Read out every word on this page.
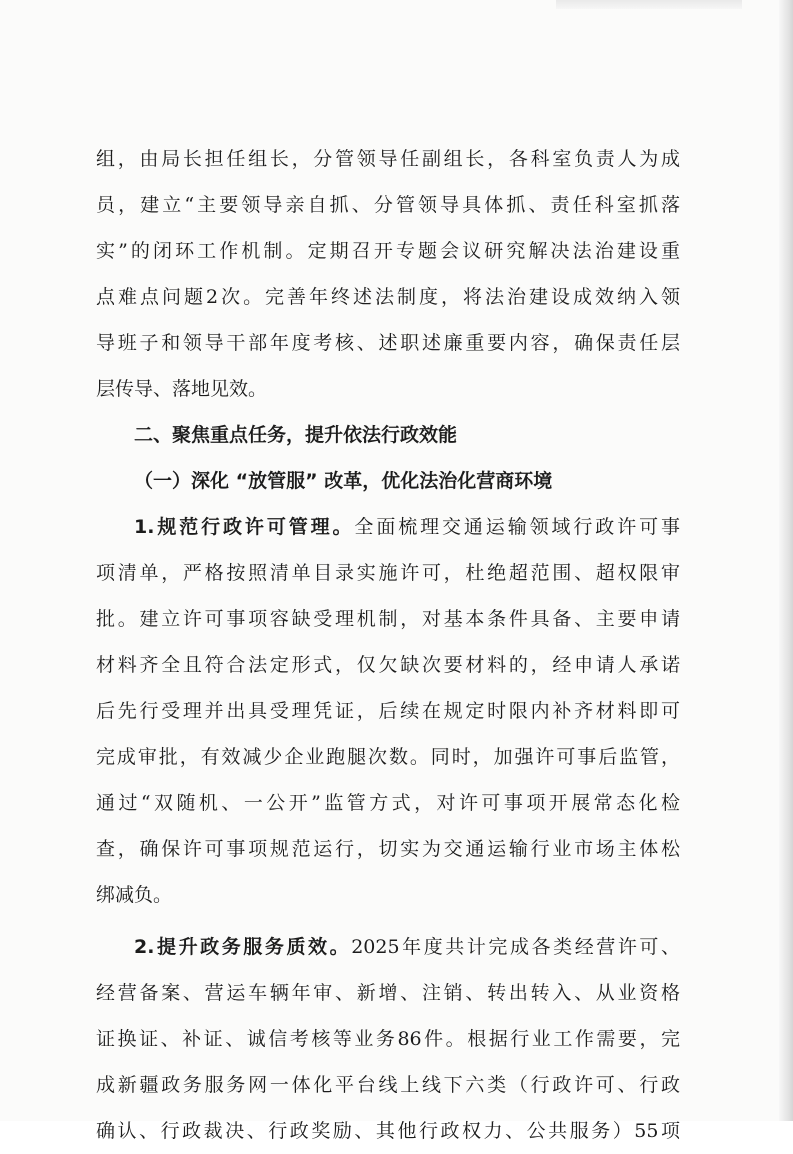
组，由局长担任组长，分管领导任副组长，各科室负责人为成
员，建立“主要领导亲自抓、分管领导具体抓、责任科室抓落
实”的闭环工作机制。定期召开专题会议研究解决法治建设重
点难点问题2次。完善年终述法制度，将法治建设成效纳入领
导班子和领导干部年度考核、述职述廉重要内容，确保责任层
层传导、落地见效。
二、聚焦重点任务，提升依法行政效能
（一）深化 “放管服” 改革，优化法治化营商环境
1.规范行政许可管理。全面梳理交通运输领域行政许可事
项清单，严格按照清单目录实施许可，杜绝超范围、超权限审
批。建立许可事项容缺受理机制，对基本条件具备、主要申请
材料齐全且符合法定形式，仅欠缺次要材料的，经申请人承诺
后先行受理并出具受理凭证，后续在规定时限内补齐材料即可
完成审批，有效减少企业跑腿次数。同时，加强许可事后监管，
通过“双随机、一公开”监管方式，对许可事项开展常态化检
查，确保许可事项规范运行，切实为交通运输行业市场主体松
绑减负。
2.提升政务服务质效。2025年度共计完成各类经营许可、
经营备案、营运车辆年审、新增、注销、转出转入、从业资格
证换证、补证、诚信考核等业务86件。根据行业工作需要，完
成新疆政务服务网一体化平台线上线下六类（行政许可、行政
确认、行政裁决、行政奖励、其他行政权力、公共服务）55项
